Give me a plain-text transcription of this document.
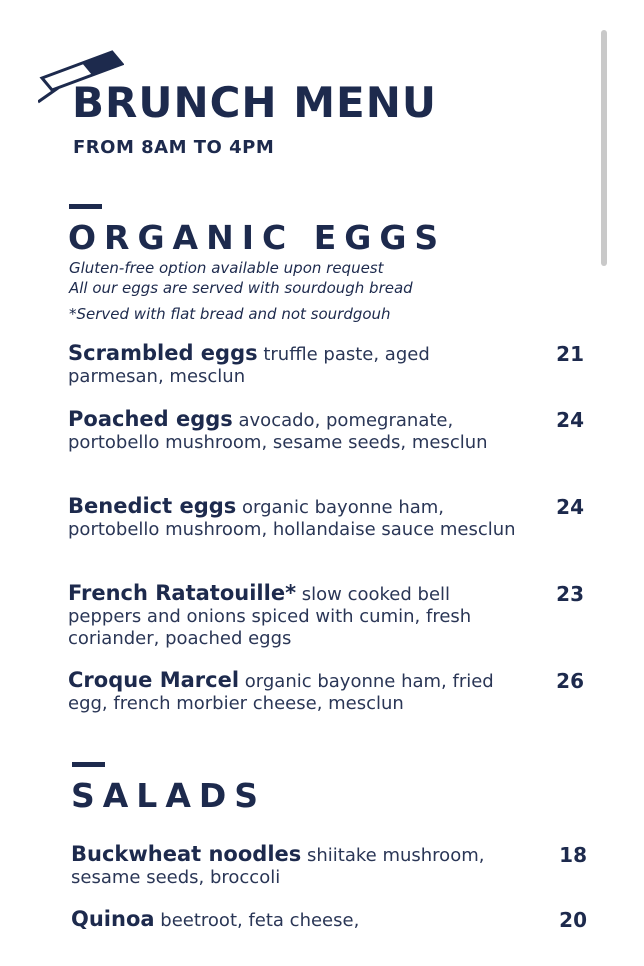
BRUNCH MENU
FROM 8AM TO 4PM
ORGANIC EGGS
Gluten-free option available upon request
All our eggs are served with sourdough bread
*Served with flat bread and not sourdgouh
Scrambled eggs truffle paste, aged parmesan, mesclun
21
Poached eggs avocado, pomegranate, portobello mushroom, sesame seeds, mesclun
24
Benedict eggs organic bayonne ham, portobello mushroom, hollandaise sauce mesclun
24
French Ratatouille* slow cooked bell peppers and onions spiced with cumin, fresh coriander, poached eggs
23
Croque Marcel organic bayonne ham, fried egg, french morbier cheese, mesclun
26
SALADS
Buckwheat noodles shiitake mushroom, sesame seeds, broccoli
18
Quinoa beetroot, feta cheese,	20
